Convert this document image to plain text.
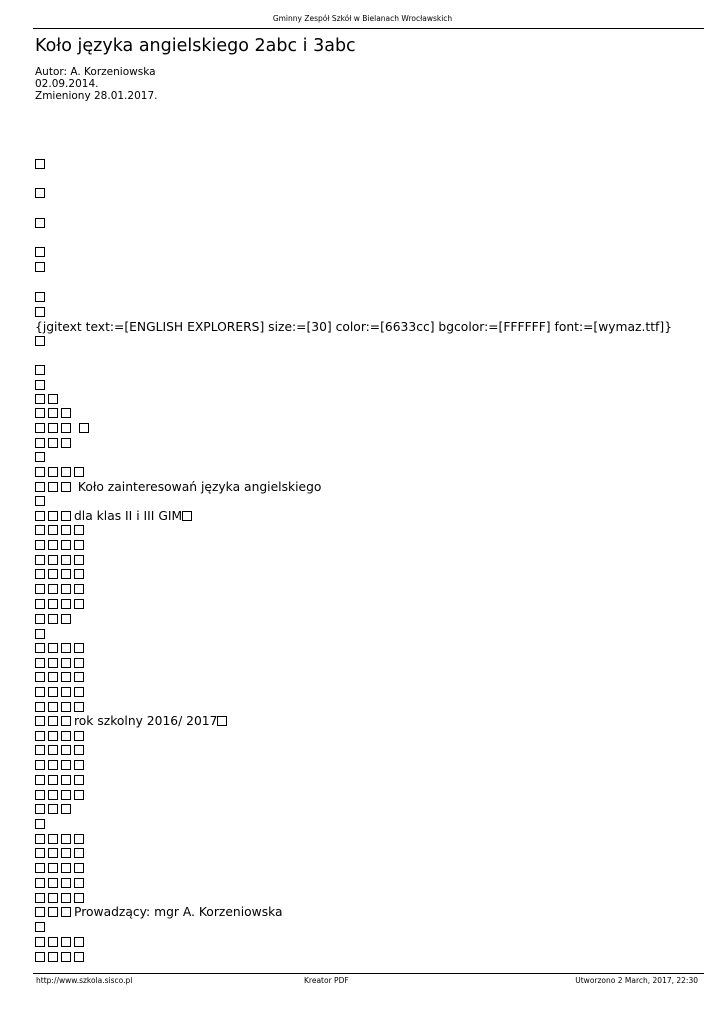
Gminny Zespół Szkół w Bielanach Wrocławskich
Koło języka angielskiego 2abc i 3abc
Autor: A. Korzeniowska
02.09.2014.
Zmieniony 28.01.2017.
{jgitext text:=[ENGLISH EXPLORERS] size:=[30] color:=[6633cc] bgcolor:=[FFFFFF] font:=[wymaz.ttf]}
Koło zainteresowań języka angielskiego
dla klas II i III GIM
rok szkolny 2016/ 2017
Prowadzący: mgr A. Korzeniowska
http://www.szkola.sisco.pl	Kreator PDF	Utworzono 2 March, 2017, 22:30
